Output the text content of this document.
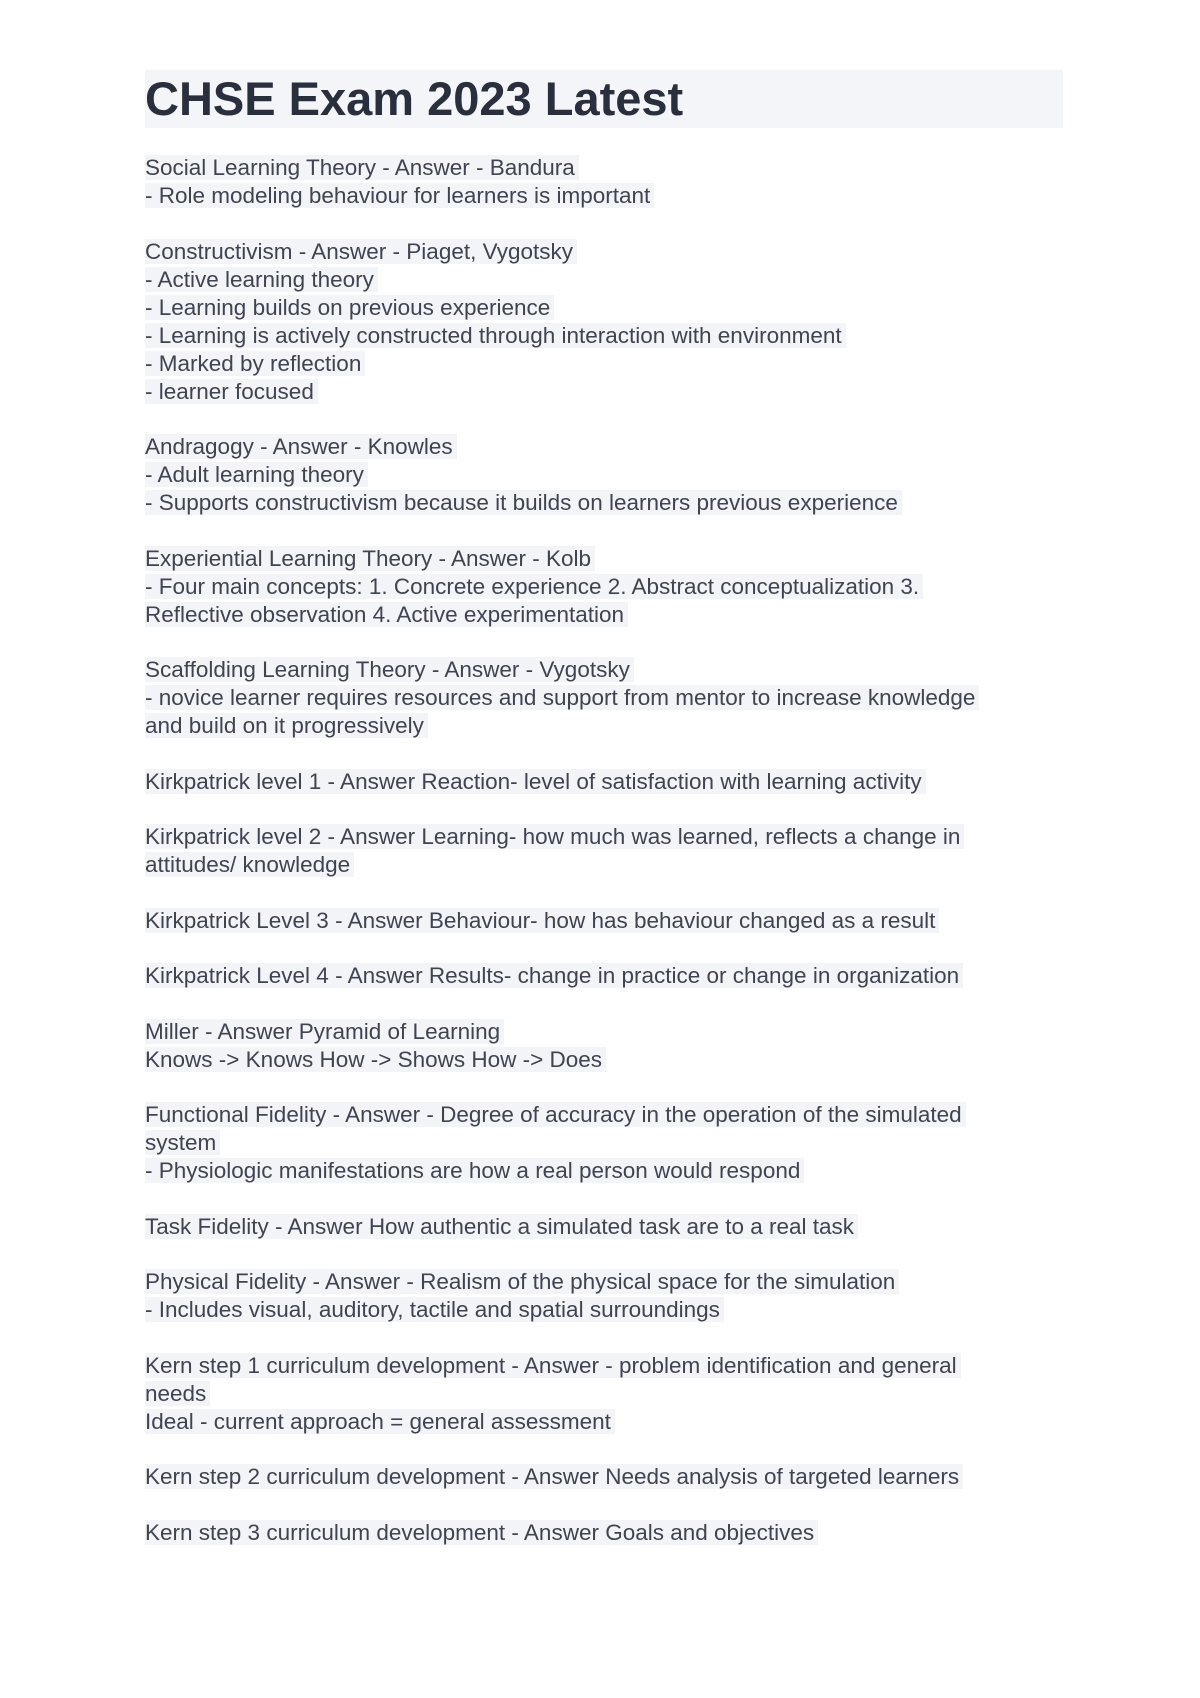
CHSE Exam 2023 Latest
Social Learning Theory - Answer - Bandura
- Role modeling behaviour for learners is important
Constructivism - Answer - Piaget, Vygotsky
- Active learning theory
- Learning builds on previous experience
- Learning is actively constructed through interaction with environment
- Marked by reflection
- learner focused
Andragogy - Answer - Knowles
- Adult learning theory
- Supports constructivism because it builds on learners previous experience
Experiential Learning Theory - Answer - Kolb
- Four main concepts: 1. Concrete experience 2. Abstract conceptualization 3.
Reflective observation 4. Active experimentation
Scaffolding Learning Theory - Answer - Vygotsky
- novice learner requires resources and support from mentor to increase knowledge
and build on it progressively
Kirkpatrick level 1 - Answer Reaction- level of satisfaction with learning activity
Kirkpatrick level 2 - Answer Learning- how much was learned, reflects a change in
attitudes/ knowledge
Kirkpatrick Level 3 - Answer Behaviour- how has behaviour changed as a result
Kirkpatrick Level 4 - Answer Results- change in practice or change in organization
Miller - Answer Pyramid of Learning
Knows -> Knows How -> Shows How -> Does
Functional Fidelity - Answer - Degree of accuracy in the operation of the simulated
system
- Physiologic manifestations are how a real person would respond
Task Fidelity - Answer How authentic a simulated task are to a real task
Physical Fidelity - Answer - Realism of the physical space for the simulation
- Includes visual, auditory, tactile and spatial surroundings
Kern step 1 curriculum development - Answer - problem identification and general
needs
Ideal - current approach = general assessment
Kern step 2 curriculum development - Answer Needs analysis of targeted learners
Kern step 3 curriculum development - Answer Goals and objectives
